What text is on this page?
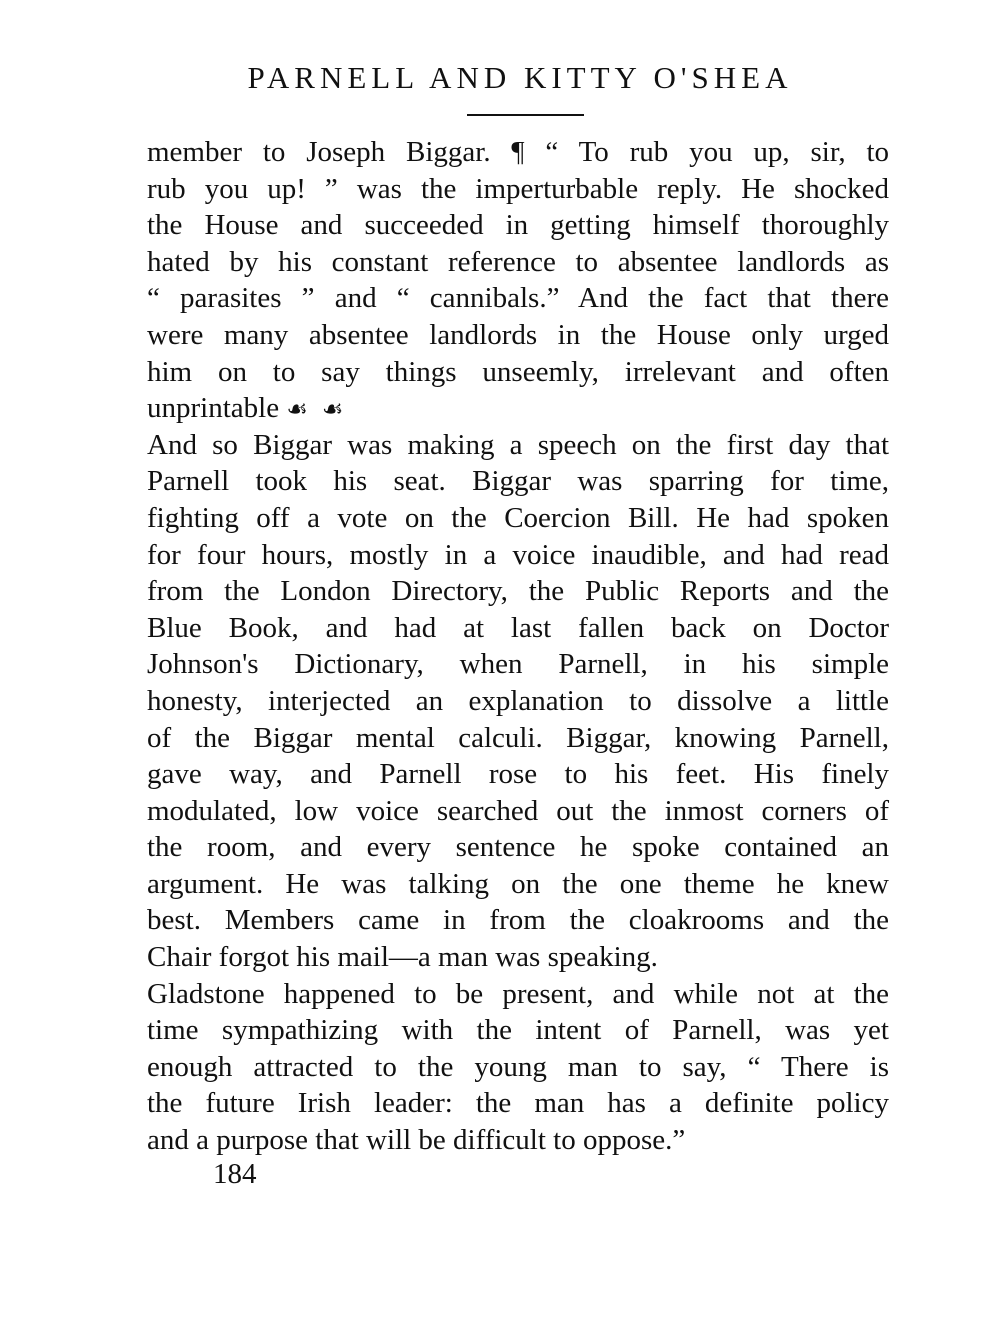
PARNELL AND KITTY O'SHEA
member to Joseph Biggar. ¶ “ To rub you up, sir, to
rub you up! ” was the imperturbable reply. He shocked
the House and succeeded in getting himself thoroughly
hated by his constant reference to absentee landlords as
“ parasites ” and “ cannibals.” And the fact that there
were many absentee landlords in the House only urged
him on to say things unseemly, irrelevant and often
unprintable ☙ ☙
And so Biggar was making a speech on the first day that
Parnell took his seat. Biggar was sparring for time,
fighting off a vote on the Coercion Bill. He had spoken
for four hours, mostly in a voice inaudible, and had read
from the London Directory, the Public Reports and the
Blue Book, and had at last fallen back on Doctor
Johnson's Dictionary, when Parnell, in his simple
honesty, interjected an explanation to dissolve a little
of the Biggar mental calculi. Biggar, knowing Parnell,
gave way, and Parnell rose to his feet. His finely
modulated, low voice searched out the inmost corners of
the room, and every sentence he spoke contained an
argument. He was talking on the one theme he knew
best. Members came in from the cloakrooms and the
Chair forgot his mail—a man was speaking.
Gladstone happened to be present, and while not at the
time sympathizing with the intent of Parnell, was yet
enough attracted to the young man to say, “ There is
the future Irish leader: the man has a definite policy
and a purpose that will be difficult to oppose.”
184
